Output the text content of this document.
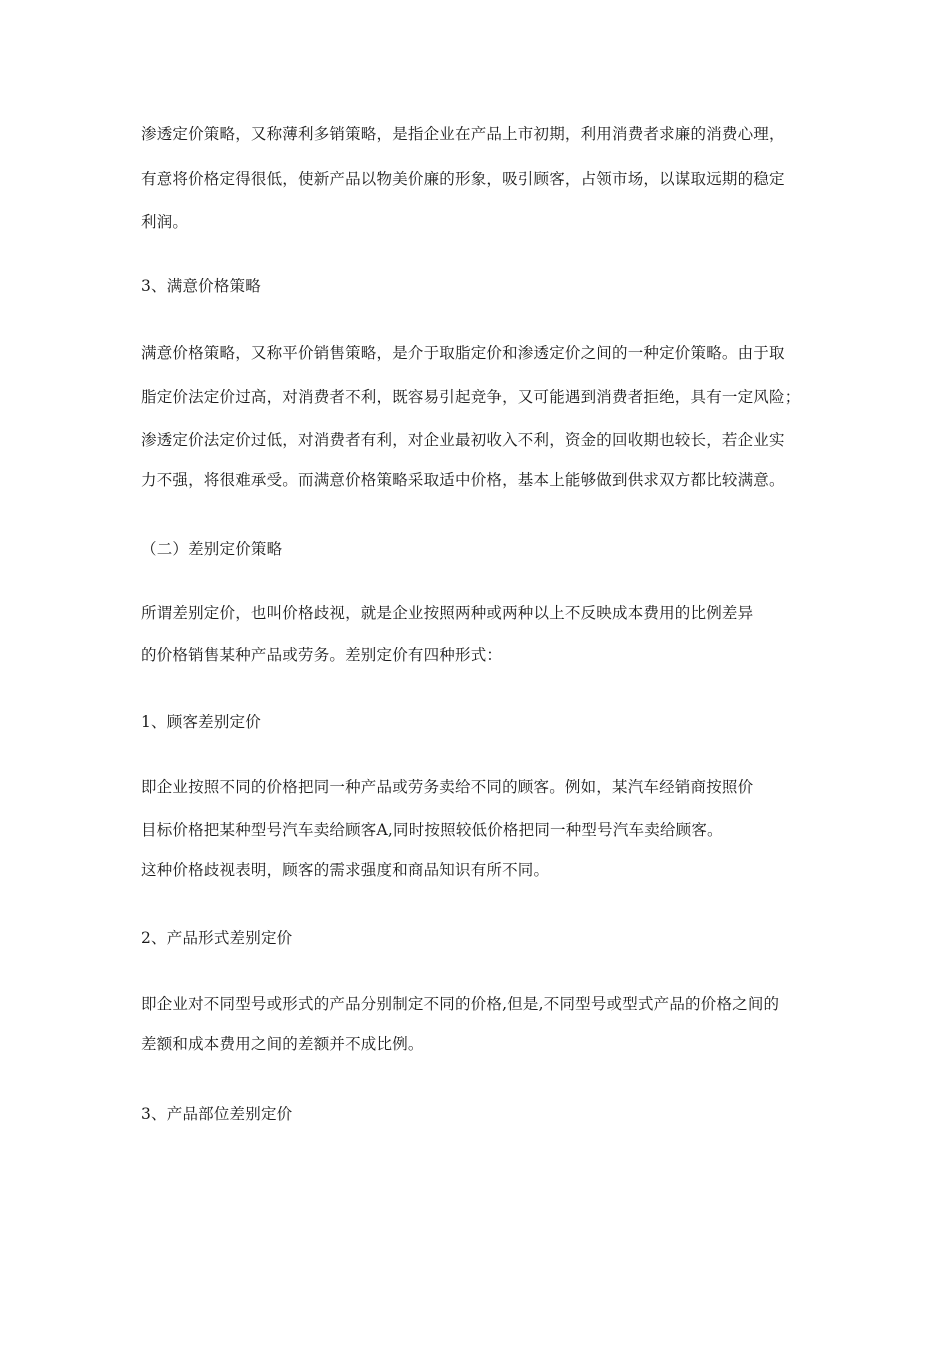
渗透定价策略，又称薄利多销策略，是指企业在产品上市初期，利用消费者求廉的消费心理，

有意将价格定得很低，使新产品以物美价廉的形象，吸引顾客，占领市场，以谋取远期的稳定

利润。

3、满意价格策略

满意价格策略，又称平价销售策略，是介于取脂定价和渗透定价之间的一种定价策略。由于取

脂定价法定价过高，对消费者不利，既容易引起竞争，又可能遇到消费者拒绝，具有一定风险；

渗透定价法定价过低，对消费者有利，对企业最初收入不利，资金的回收期也较长，若企业实

力不强，将很难承受。而满意价格策略采取适中价格，基本上能够做到供求双方都比较满意。

（二）差别定价策略

所谓差别定价，也叫价格歧视，就是企业按照两种或两种以上不反映成本费用的比例差异

的价格销售某种产品或劳务。差别定价有四种形式：

1、顾客差别定价

即企业按照不同的价格把同一种产品或劳务卖给不同的顾客。例如，某汽车经销商按照价

目标价格把某种型号汽车卖给顾客A,同时按照较低价格把同一种型号汽车卖给顾客。

这种价格歧视表明，顾客的需求强度和商品知识有所不同。

2、产品形式差别定价

即企业对不同型号或形式的产品分别制定不同的价格,但是,不同型号或型式产品的价格之间的

差额和成本费用之间的差额并不成比例。

3、产品部位差别定价
